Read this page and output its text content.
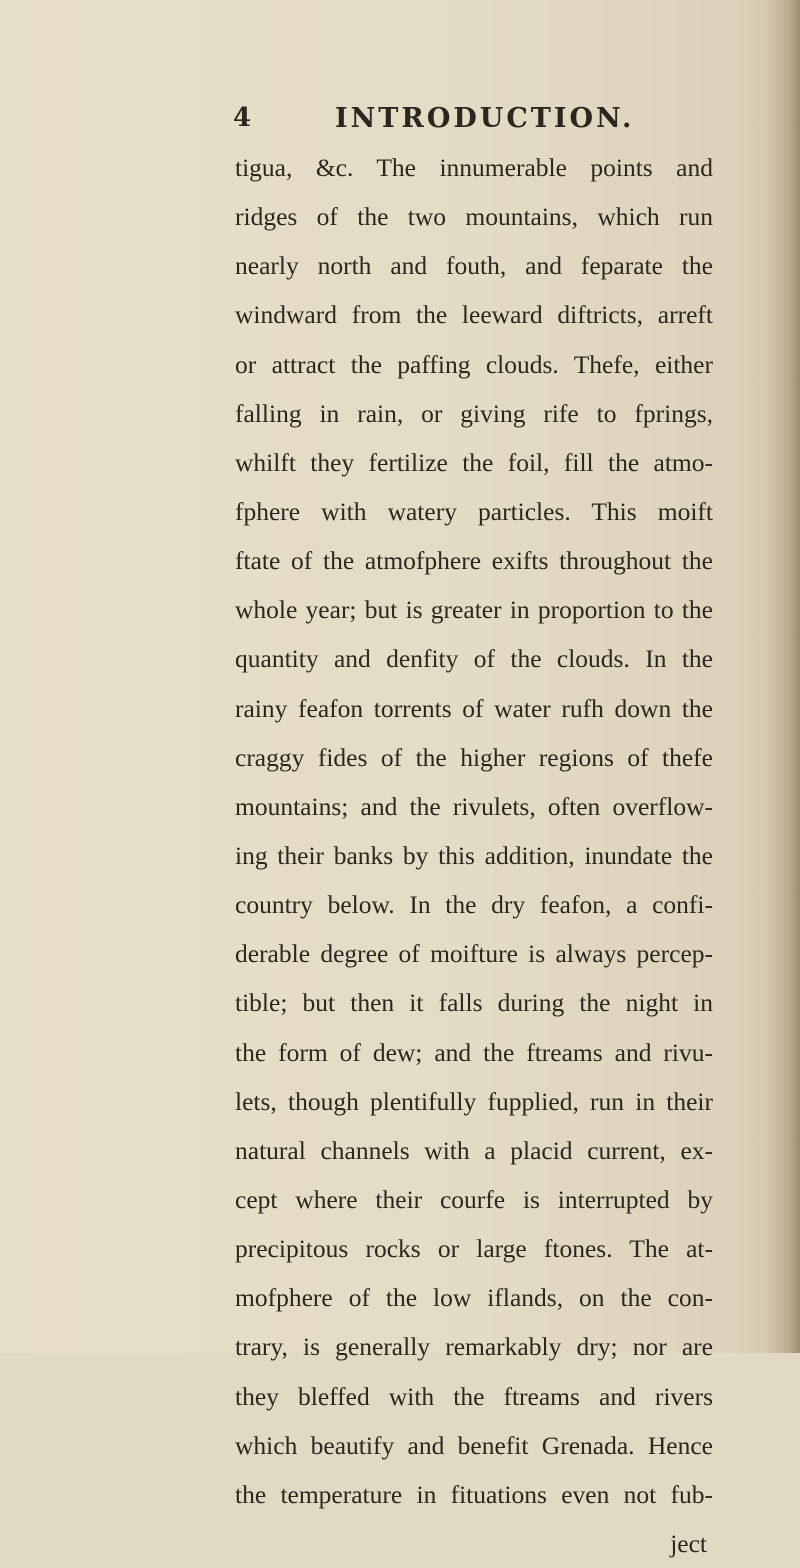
4	INTRODUCTION.
tigua, &c. The innumerable points and
ridges of the two mountains, which run
nearly north and fouth, and feparate the
windward from the leeward diftricts, arreft
or attract the paffing clouds. Thefe, either
falling in rain, or giving rife to fprings,
whilft they fertilize the foil, fill the atmo-
fphere with watery particles. This moift
ftate of the atmofphere exifts throughout the
whole year; but is greater in proportion to the
quantity and denfity of the clouds. In the
rainy feafon torrents of water rufh down the
craggy fides of the higher regions of thefe
mountains; and the rivulets, often overflow-
ing their banks by this addition, inundate the
country below. In the dry feafon, a confi-
derable degree of moifture is always percep-
tible; but then it falls during the night in
the form of dew; and the ftreams and rivu-
lets, though plentifully fupplied, run in their
natural channels with a placid current, ex-
cept where their courfe is interrupted by
precipitous rocks or large ftones. The at-
mofphere of the low iflands, on the con-
trary, is generally remarkably dry; nor are
they bleffed with the ftreams and rivers
which beautify and benefit Grenada. Hence
the temperature in fituations even not fub-
ject
